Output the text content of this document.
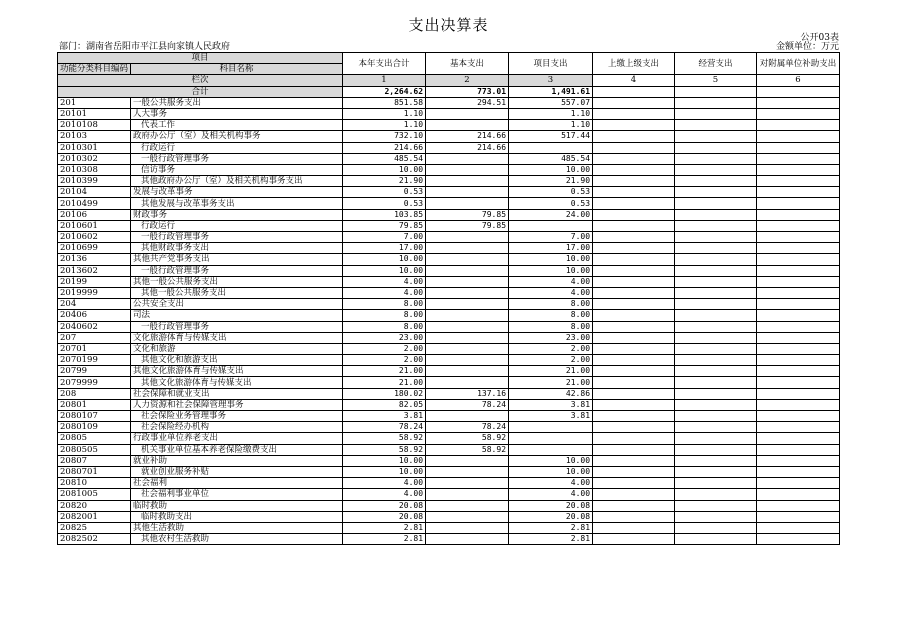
支出决算表
公开03表
部门：湖南省岳阳市平江县向家镇人民政府	金额单位：万元
项目		本年支出合计	基本支出	项目支出	上缴上级支出	经营支出	对附属单位补助支出
功能分类科目编码	科目名称						

栏次		1	2	3	4	5	6
合计		2,264.62	773.01	1,491.61			
201	一般公共服务支出	851.58	294.51	557.07			
20101	人大事务	1.10		1.10			
2010108	代表工作	1.10		1.10			
20103	政府办公厅（室）及相关机构事务	732.10	214.66	517.44			
2010301	行政运行	214.66	214.66				
2010302	一般行政管理事务	485.54		485.54			
2010308	信访事务	10.00		10.00			
2010399	其他政府办公厅（室）及相关机构事务支出	21.90		21.90			
20104	发展与改革事务	0.53		0.53			
2010499	其他发展与改革事务支出	0.53		0.53			
20106	财政事务	103.85	79.85	24.00			
2010601	行政运行	79.85	79.85				
2010602	一般行政管理事务	7.00		7.00			
2010699	其他财政事务支出	17.00		17.00			
20136	其他共产党事务支出	10.00		10.00			
2013602	一般行政管理事务	10.00		10.00			
20199	其他一般公共服务支出	4.00		4.00			
2019999	其他一般公共服务支出	4.00		4.00			
204	公共安全支出	8.00		8.00			
20406	司法	8.00		8.00			
2040602	一般行政管理事务	8.00		8.00			
207	文化旅游体育与传媒支出	23.00		23.00			
20701	文化和旅游	2.00		2.00			
2070199	其他文化和旅游支出	2.00		2.00			
20799	其他文化旅游体育与传媒支出	21.00		21.00			
2079999	其他文化旅游体育与传媒支出	21.00		21.00			
208	社会保障和就业支出	180.02	137.16	42.86			
20801	人力资源和社会保障管理事务	82.05	78.24	3.81			
2080107	社会保险业务管理事务	3.81		3.81			
2080109	社会保险经办机构	78.24	78.24				
20805	行政事业单位养老支出	58.92	58.92				
2080505	机关事业单位基本养老保险缴费支出	58.92	58.92				
20807	就业补助	10.00		10.00			
2080701	就业创业服务补贴	10.00		10.00			
20810	社会福利	4.00		4.00			
2081005	社会福利事业单位	4.00		4.00			
20820	临时救助	20.08		20.08			
2082001	临时救助支出	20.08		20.08			
20825	其他生活救助	2.81		2.81			
2082502	其他农村生活救助	2.81		2.81			
